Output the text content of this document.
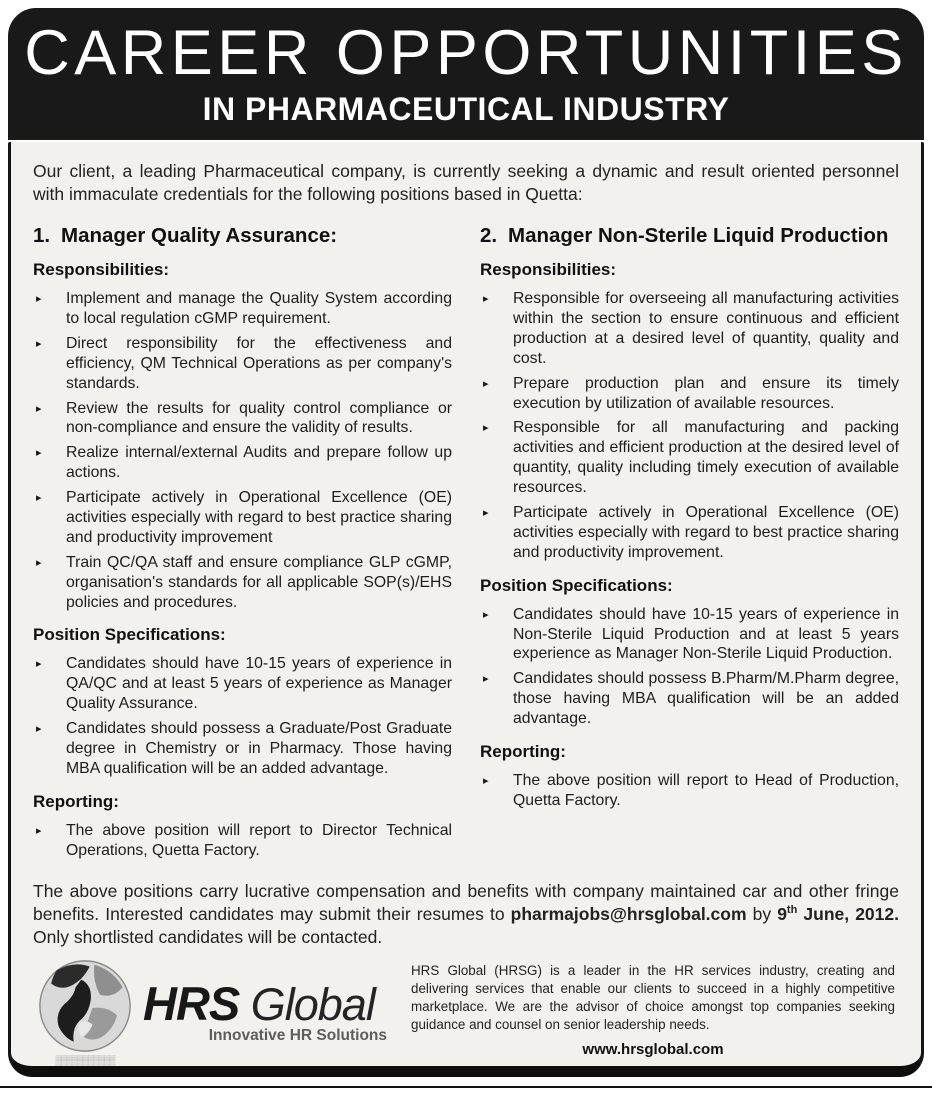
CAREER OPPORTUNITIES
IN PHARMACEUTICAL INDUSTRY
Our client, a leading Pharmaceutical company, is currently seeking a dynamic and result oriented personnel with immaculate credentials for the following positions based in Quetta:
1. Manager Quality Assurance:
Responsibilities:
▸	Implement and manage the Quality System according to local regulation cGMP requirement.
▸	Direct responsibility for the effectiveness and efficiency, QM Technical Operations as per company's standards.
▸	Review the results for quality control compliance or non-compliance and ensure the validity of results.
▸	Realize internal/external Audits and prepare follow up actions.
▸	Participate actively in Operational Excellence (OE) activities especially with regard to best practice sharing and productivity improvement
▸	Train QC/QA staff and ensure compliance GLP cGMP, organisation's standards for all applicable SOP(s)/EHS policies and procedures.
Position Specifications:
▸	Candidates should have 10-15 years of experience in QA/QC and at least 5 years of experience as Manager Quality Assurance.
▸	Candidates should possess a Graduate/Post Graduate degree in Chemistry or in Pharmacy. Those having MBA qualification will be an added advantage.
Reporting:
▸	The above position will report to Director Technical Operations, Quetta Factory.
2. Manager Non-Sterile Liquid Production
Responsibilities:
▸	Responsible for overseeing all manufacturing activities within the section to ensure continuous and efficient production at a desired level of quantity, quality and cost.
▸	Prepare production plan and ensure its timely execution by utilization of available resources.
▸	Responsible for all manufacturing and packing activities and efficient production at the desired level of quantity, quality including timely execution of available resources.
▸	Participate actively in Operational Excellence (OE) activities especially with regard to best practice sharing and productivity improvement.
Position Specifications:
▸	Candidates should have 10-15 years of experience in Non-Sterile Liquid Production and at least 5 years experience as Manager Non-Sterile Liquid Production.
▸	Candidates should possess B.Pharm/M.Pharm degree, those having MBA qualification will be an added advantage.
Reporting:
▸	The above position will report to Head of Production, Quetta Factory.
The above positions carry lucrative compensation and benefits with company maintained car and other fringe benefits. Interested candidates may submit their resumes to pharmajobs@hrsglobal.com by 9th June, 2012. Only shortlisted candidates will be contacted.
▒▒▒▒▒▒▒▒▒▒▒
HRS Global
Innovative HR Solutions
HRS Global (HRSG) is a leader in the HR services industry, creating and delivering services that enable our clients to succeed in a highly competitive marketplace. We are the advisor of choice amongst top companies seeking guidance and counsel on senior leadership needs.
www.hrsglobal.com
